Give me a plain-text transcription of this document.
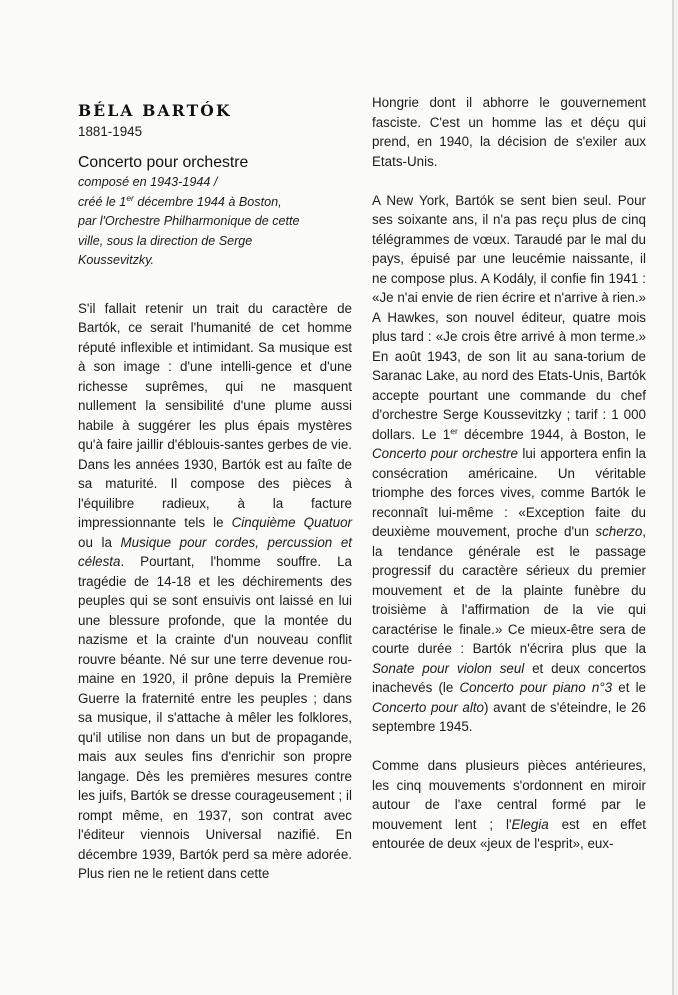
BÉLA BARTÓK
1881-1945
Concerto pour orchestre
composé en 1943-1944 /
créé le 1er décembre 1944 à Boston,
par l'Orchestre Philharmonique de cette
ville, sous la direction de Serge
Koussevitzky.

S'il fallait retenir un trait du caractère de Bartók, ce serait l'humanité de cet homme réputé inflexible et intimidant. Sa musique est à son image : d'une intelli-gence et d'une richesse suprêmes, qui ne masquent nullement la sensibilité d'une plume aussi habile à suggérer les plus épais mystères qu'à faire jaillir d'éblouis-santes gerbes de vie. Dans les années 1930, Bartók est au faîte de sa maturité. Il compose des pièces à l'équilibre radieux, à la facture impressionnante tels le Cinquième Quatuor ou la Musique pour cordes, percussion et célesta. Pourtant, l'homme souffre. La tragédie de 14-18 et les déchirements des peuples qui se sont ensuivis ont laissé en lui une blessure profonde, que la montée du nazisme et la crainte d'un nouveau conflit rouvre béante. Né sur une terre devenue rou-maine en 1920, il prône depuis la Première Guerre la fraternité entre les peuples ; dans sa musique, il s'attache à mêler les folklores, qu'il utilise non dans un but de propagande, mais aux seules fins d'enrichir son propre langage. Dès les premières mesures contre les juifs, Bartók se dresse courageusement ; il rompt même, en 1937, son contrat avec l'éditeur viennois Universal nazifié. En décembre 1939, Bartók perd sa mère adorée. Plus rien ne le retient dans cette

Hongrie dont il abhorre le gouvernement fasciste. C'est un homme las et déçu qui prend, en 1940, la décision de s'exiler aux Etats-Unis.

A New York, Bartók se sent bien seul. Pour ses soixante ans, il n'a pas reçu plus de cinq télégrammes de vœux. Taraudé par le mal du pays, épuisé par une leucémie naissante, il ne compose plus. A Kodály, il confie fin 1941 : «Je n'ai envie de rien écrire et n'arrive à rien.» A Hawkes, son nouvel éditeur, quatre mois plus tard : «Je crois être arrivé à mon terme.» En août 1943, de son lit au sana-torium de Saranac Lake, au nord des Etats-Unis, Bartók accepte pourtant une commande du chef d'orchestre Serge Koussevitzky ; tarif : 1 000 dollars. Le 1er décembre 1944, à Boston, le Concerto pour orchestre lui apportera enfin la consécration américaine. Un véritable triomphe des forces vives, comme Bartók le reconnaît lui-même : «Exception faite du deuxième mouvement, proche d'un scherzo, la tendance générale est le passage progressif du caractère sérieux du premier mouvement et de la plainte funèbre du troisième à l'affirmation de la vie qui caractérise le finale.» Ce mieux-être sera de courte durée : Bartók n'écrira plus que la Sonate pour violon seul et deux concertos inachevés (le Concerto pour piano n°3 et le Concerto pour alto) avant de s'éteindre, le 26 septembre 1945.

Comme dans plusieurs pièces antérieures, les cinq mouvements s'ordonnent en miroir autour de l'axe central formé par le mouvement lent ; l'Elegia est en effet entourée de deux «jeux de l'esprit», eux-
